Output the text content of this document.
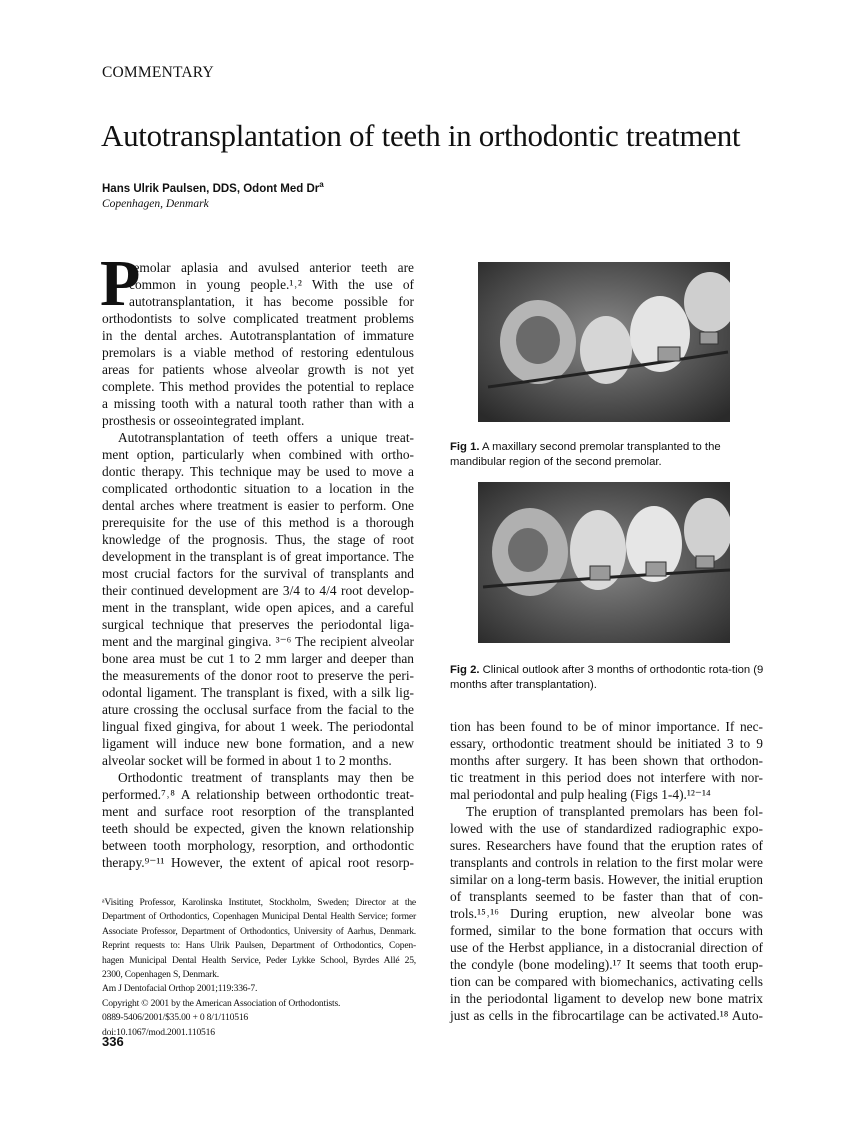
COMMENTARY
Autotransplantation of teeth in orthodontic treatment
Hans Ulrik Paulsen, DDS, Odont Med Dr$^a$
Copenhagen, Denmark
P
remolar aplasia and avulsed anterior teeth are
common in young people.¹˒² With the use of
autotransplantation, it has become possible for
orthodontists to solve complicated treatment problems
in the dental arches. Autotransplantation of immature
premolars is a viable method of restoring edentulous
areas for patients whose alveolar growth is not yet
complete. This method provides the potential to replace
a missing tooth with a natural tooth rather than with a
prosthesis or osseointegrated implant.
Autotransplantation of teeth offers a unique treat-
ment option, particularly when combined with ortho-
dontic therapy. This technique may be used to move a
complicated orthodontic situation to a location in the
dental arches where treatment is easier to perform. One
prerequisite for the use of this method is a thorough
knowledge of the prognosis. Thus, the stage of root
development in the transplant is of great importance. The
most crucial factors for the survival of transplants and
their continued development are 3/4 to 4/4 root develop-
ment in the transplant, wide open apices, and a careful
surgical technique that preserves the periodontal liga-
ment and the marginal gingiva. ³⁻⁶ The recipient alveolar
bone area must be cut 1 to 2 mm larger and deeper than
the measurements of the donor root to preserve the peri-
odontal ligament. The transplant is fixed, with a silk lig-
ature crossing the occlusal surface from the facial to the
lingual fixed gingiva, for about 1 week. The periodontal
ligament will induce new bone formation, and a new
alveolar socket will be formed in about 1 to 2 months.
Orthodontic treatment of transplants may then be
performed.⁷˒⁸ A relationship between orthodontic treat-
ment and surface root resorption of the transplanted
teeth should be expected, given the known relationship
between tooth morphology, resorption, and orthodontic
therapy.⁹⁻¹¹ However, the extent of apical root resorp-
tion has been found to be of minor importance. If nec-
essary, orthodontic treatment should be initiated 3 to 9
months after surgery. It has been shown that orthodon-
tic treatment in this period does not interfere with nor-
mal periodontal and pulp healing (Figs 1-4).¹²⁻¹⁴
The eruption of transplanted premolars has been fol-
lowed with the use of standardized radiographic expo-
sures. Researchers have found that the eruption rates of
transplants and controls in relation to the first molar were
similar on a long-term basis. However, the initial eruption
of transplants seemed to be faster than that of con-
trols.¹⁵˒¹⁶ During eruption, new alveolar bone was
formed, similar to the bone formation that occurs with
use of the Herbst appliance, in a distocranial direction of
the condyle (bone modeling).¹⁷ It seems that tooth erup-
tion can be compared with biomechanics, activating cells
in the periodontal ligament to develop new bone matrix
just as cells in the fibrocartilage can be activated.¹⁸ Auto-
Fig 1. A maxillary second premolar transplanted to the mandibular region of the second premolar.
Fig 2. Clinical outlook after 3 months of orthodontic rota-tion (9 months after transplantation).
ᵃVisiting Professor, Karolinska Institutet, Stockholm, Sweden; Director at the
Department of Orthodontics, Copenhagen Municipal Dental Health Service; former
Associate Professor, Department of Orthodontics, University of Aarhus, Denmark.
Reprint requests to: Hans Ulrik Paulsen, Department of Orthodontics, Copen-
hagen Municipal Dental Health Service, Peder Lykke School, Byrdes Allé 25,
2300, Copenhagen S, Denmark.
Am J Dentofacial Orthop 2001;119:336-7.
Copyright © 2001 by the American Association of Orthodontists.
0889-5406/2001/$35.00 + 0 8/1/110516
doi:10.1067/mod.2001.110516
336
